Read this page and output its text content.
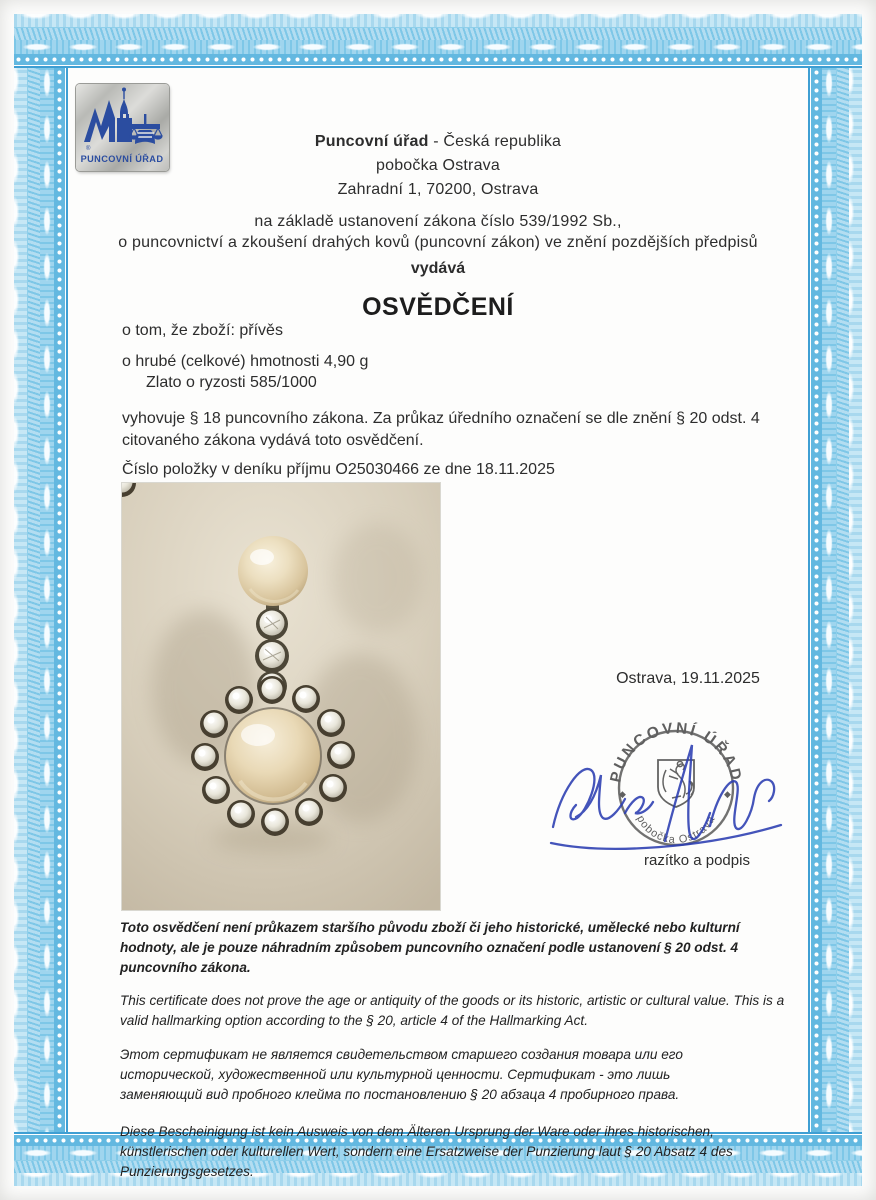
®
PUNCOVNÍ ÚŘAD
Puncovní úřad - Česká republika
pobočka Ostrava
Zahradní 1, 70200, Ostrava
na základě ustanovení zákona číslo 539/1992 Sb.,
o puncovnictví a zkoušení drahých kovů (puncovní zákon) ve znění pozdějších předpisů
vydává
OSVĚDČENÍ
o tom, že zboží: přívěs
o hrubé (celkové) hmotnosti 4,90 g
Zlato o ryzosti 585/1000
vyhovuje § 18 puncovního zákona. Za průkaz úředního označení se dle znění § 20 odst. 4 citovaného zákona vydává toto osvědčení.
Číslo položky v deníku příjmu O25030466 ze dne 18.11.2025
Ostrava, 19.11.2025
PUNCOVNÍ ÚŘAD
pobočka Ostrava
◆	◆
razítko a podpis

Toto osvědčení není průkazem staršího původu zboží či jeho historické, umělecké nebo kulturní hodnoty, ale je pouze náhradním způsobem puncovního označení podle ustanovení § 20 odst. 4 puncovního zákona.

This certificate does not prove the age or antiquity of the goods or its historic, artistic or cultural value. This is a valid hallmarking option according to the § 20, article 4 of the Hallmarking Act.

Этот сертификат не является свидетельством старшего создания товара или его исторической, художественной или культурной ценности. Сертификат - это лишь заменяющий вид пробного клейма по постановлению § 20 абзаца 4 пробирного права.

Diese Bescheinigung ist kein Ausweis von dem Älteren Ursprung der Ware oder ihres historischen, künstlerischen oder kulturellen Wert, sondern eine Ersatzweise der Punzierung laut § 20 Absatz 4 des Punzierungsgesetzes.
